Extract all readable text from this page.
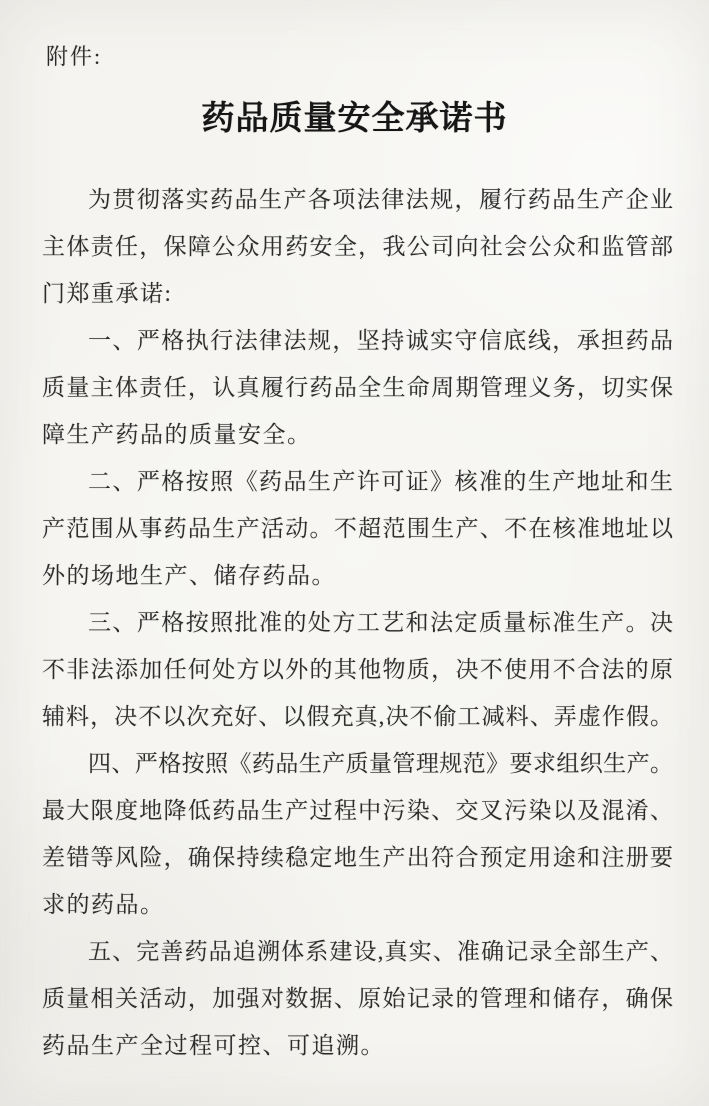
附件:
药品质量安全承诺书
为贯彻落实药品生产各项法律法规，履行药品生产企业
主体责任，保障公众用药安全，我公司向社会公众和监管部
门郑重承诺:
一、严格执行法律法规，坚持诚实守信底线，承担药品
质量主体责任，认真履行药品全生命周期管理义务，切实保
障生产药品的质量安全。
二、严格按照《药品生产许可证》核准的生产地址和生
产范围从事药品生产活动。不超范围生产、不在核准地址以
外的场地生产、储存药品。
三、严格按照批准的处方工艺和法定质量标准生产。决
不非法添加任何处方以外的其他物质，决不使用不合法的原
辅料，决不以次充好、以假充真,决不偷工减料、弄虚作假。
四、严格按照《药品生产质量管理规范》要求组织生产。
最大限度地降低药品生产过程中污染、交叉污染以及混淆、
差错等风险，确保持续稳定地生产出符合预定用途和注册要
求的药品。
五、完善药品追溯体系建设,真实、准确记录全部生产、
质量相关活动，加强对数据、原始记录的管理和储存，确保
药品生产全过程可控、可追溯。
